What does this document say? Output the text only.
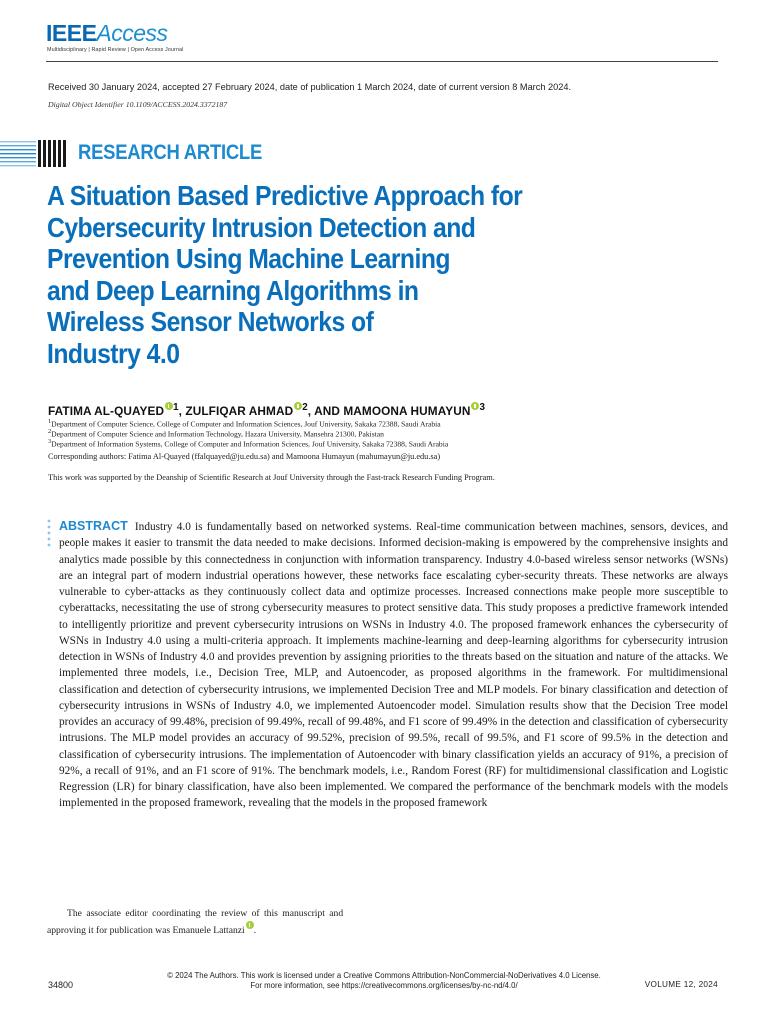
IEEEAccess
Multidisciplinary | Rapid Review | Open Access Journal
Received 30 January 2024, accepted 27 February 2024, date of publication 1 March 2024, date of current version 8 March 2024.
Digital Object Identifier 10.1109/ACCESS.2024.3372187
RESEARCH ARTICLE
A Situation Based Predictive Approach for
Cybersecurity Intrusion Detection and
Prevention Using Machine Learning
and Deep Learning Algorithms in
Wireless Sensor Networks of
Industry 4.0
FATIMA AL-QUAYED $^1$, ZULFIQAR AHMAD $^2$, AND MAMOONA HUMAYUN $^3$
$^1$Department of Computer Science, College of Computer and Information Sciences, Jouf University, Sakaka 72388, Saudi Arabia
$^2$Department of Computer Science and Information Technology, Hazara University, Mansehra 21300, Pakistan
$^3$Department of Information Systems, College of Computer and Information Sciences, Jouf University, Sakaka 72388, Saudi Arabia
Corresponding authors: Fatima Al-Quayed (ffalquayed@ju.edu.sa) and Mamoona Humayun (mahumayun@ju.edu.sa)
This work was supported by the Deanship of Scientific Research at Jouf University through the Fast-track Research Funding Program.
ABSTRACT Industry 4.0 is fundamentally based on networked systems. Real-time communication between machines, sensors, devices, and people makes it easier to transmit the data needed to make decisions. Informed decision-making is empowered by the comprehensive insights and analytics made possible by this connectedness in conjunction with information transparency. Industry 4.0-based wireless sensor networks (WSNs) are an integral part of modern industrial operations however, these networks face escalating cyber-security threats. These networks are always vulnerable to cyber-attacks as they continuously collect data and optimize processes. Increased connections make people more susceptible to cyberattacks, necessitating the use of strong cybersecurity measures to protect sensitive data. This study proposes a predictive framework intended to intelligently prioritize and prevent cybersecurity intrusions on WSNs in Industry 4.0. The proposed framework enhances the cybersecurity of WSNs in Industry 4.0 using a multi-criteria approach. It implements machine-learning and deep-learning algorithms for cybersecurity intrusion detection in WSNs of Industry 4.0 and provides prevention by assigning priorities to the threats based on the situation and nature of the attacks. We implemented three models, i.e., Decision Tree, MLP, and Autoencoder, as proposed algorithms in the framework. For multidimensional classification and detection of cybersecurity intrusions, we implemented Decision Tree and MLP models. For binary classification and detection of cybersecurity intrusions in WSNs of Industry 4.0, we implemented Autoencoder model. Simulation results show that the Decision Tree model provides an accuracy of 99.48%, precision of 99.49%, recall of 99.48%, and F1 score of 99.49% in the detection and classification of cybersecurity intrusions. The MLP model provides an accuracy of 99.52%, precision of 99.5%, recall of 99.5%, and F1 score of 99.5% in the detection and classification of cybersecurity intrusions. The implementation of Autoencoder with binary classification yields an accuracy of 91%, a precision of 92%, a recall of 91%, and an F1 score of 91%. The benchmark models, i.e., Random Forest (RF) for multidimensional classification and Logistic Regression (LR) for binary classification, have also been implemented. We compared the performance of the benchmark models with the models implemented in the proposed framework, revealing that the models in the proposed framework
The associate editor coordinating the review of this manuscript and
approving it for publication was Emanuele Lattanzi .
34800
© 2024 The Authors. This work is licensed under a Creative Commons Attribution-NonCommercial-NoDerivatives 4.0 License.
For more information, see https://creativecommons.org/licenses/by-nc-nd/4.0/	VOLUME 12, 2024
